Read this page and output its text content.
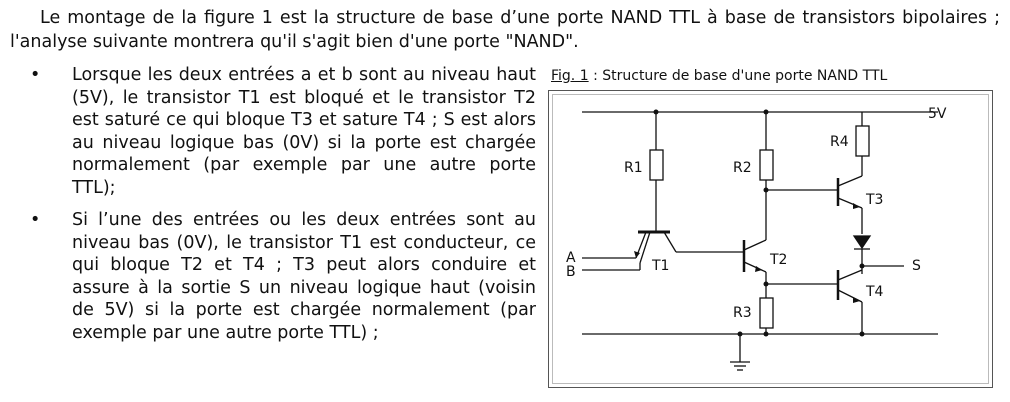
Le montage de la figure 1 est la structure de base d’une porte NAND TTL à base de transistors bipolaires ; l'analyse suivante montrera qu'il s'agit bien d'une porte "NAND".

• Lorsque les deux entrées a et b sont au niveau haut (5V), le transistor T1 est bloqué et le transistor T2 est saturé ce qui bloque T3 et sature T4 ; S est alors au niveau logique bas (0V) si la porte est chargée normalement (par exemple par une autre porte TTL);
• Si l’une des entrées ou les deux entrées sont au niveau bas (0V), le transistor T1 est conducteur, ce qui bloque T2 et T4 ; T3 peut alors conduire et assure à la sortie S un niveau logique haut (voisin de 5V) si la porte est chargée normalement (par exemple par une autre porte TTL) ;
Fig. 1 : Structure de base d'une porte NAND TTL
5V
A
B	S
R1	R2
R3
R4
T1	T2
T3
T4
